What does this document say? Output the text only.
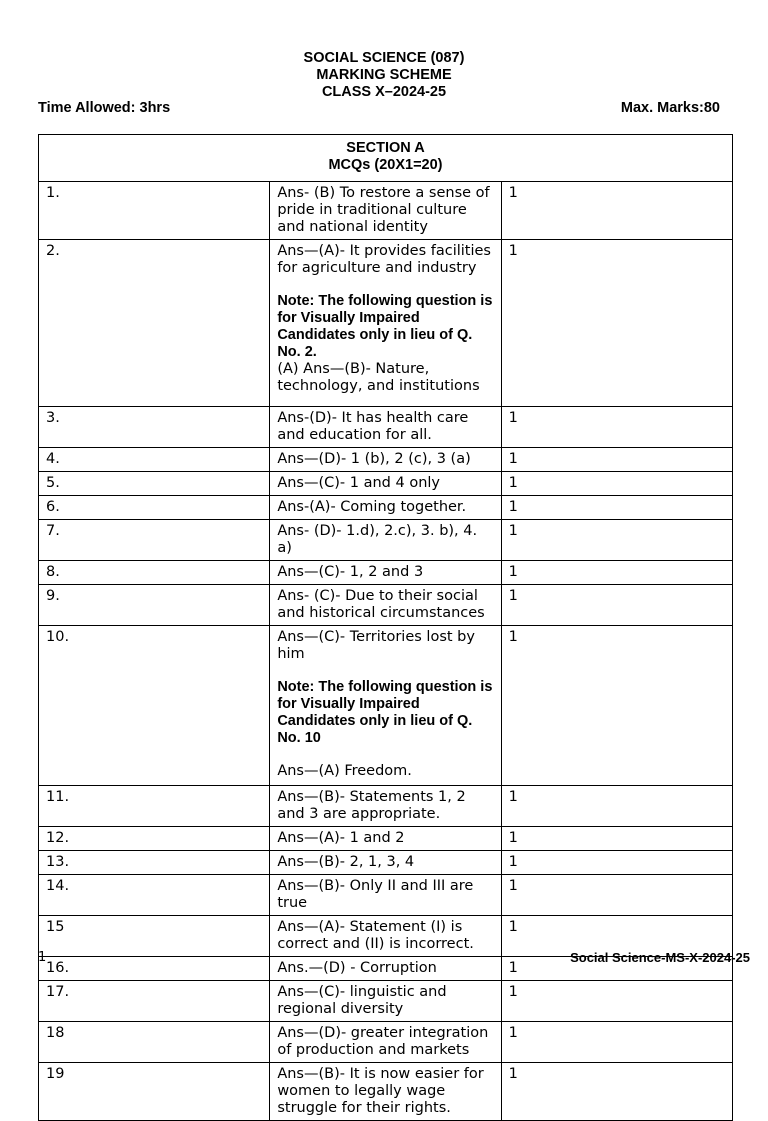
SOCIAL SCIENCE (087)
MARKING SCHEME
CLASS X–2024-25
Time Allowed: 3hrs	Max. Marks:80
SECTION A
MCQs (20X1=20)		

1.	Ans- (B) To restore a sense of pride in traditional culture and national identity	1
2.	Ans—(A)- It provides facilities for agriculture and industry
Note: The following question is for Visually Impaired Candidates only in lieu of Q. No. 2.
(A) Ans—(B)- Nature, technology, and institutions	1
3.	Ans-(D)- It has health care and education for all.	1
4.	Ans—(D)- 1 (b), 2 (c), 3 (a)	1
5.	Ans—(C)- 1 and 4 only	1
6.	Ans-(A)- Coming together.	1
7.	Ans- (D)- 1.d), 2.c), 3. b), 4. a)	1
8.	Ans—(C)- 1, 2 and 3	1
9.	Ans- (C)- Due to their social and historical circumstances	1
10.	Ans—(C)- Territories lost by him
Note: The following question is for Visually Impaired Candidates only in lieu of Q. No. 10
Ans—(A) Freedom.	1
11.	Ans—(B)- Statements 1, 2 and 3 are appropriate.	1
12.	Ans—(A)- 1 and 2	1
13.	Ans—(B)- 2, 1, 3, 4	1
14.	Ans—(B)- Only II and III are true	1
15	Ans—(A)- Statement (I) is correct and (II) is incorrect.	1
16.	Ans.—(D) - Corruption	1
17.	Ans—(C)- linguistic and regional diversity	1
18	Ans—(D)- greater integration of production and markets	1
19	Ans—(B)- It is now easier for women to legally wage struggle for their rights.	1
1	Social Science-MS-X-2024-25
